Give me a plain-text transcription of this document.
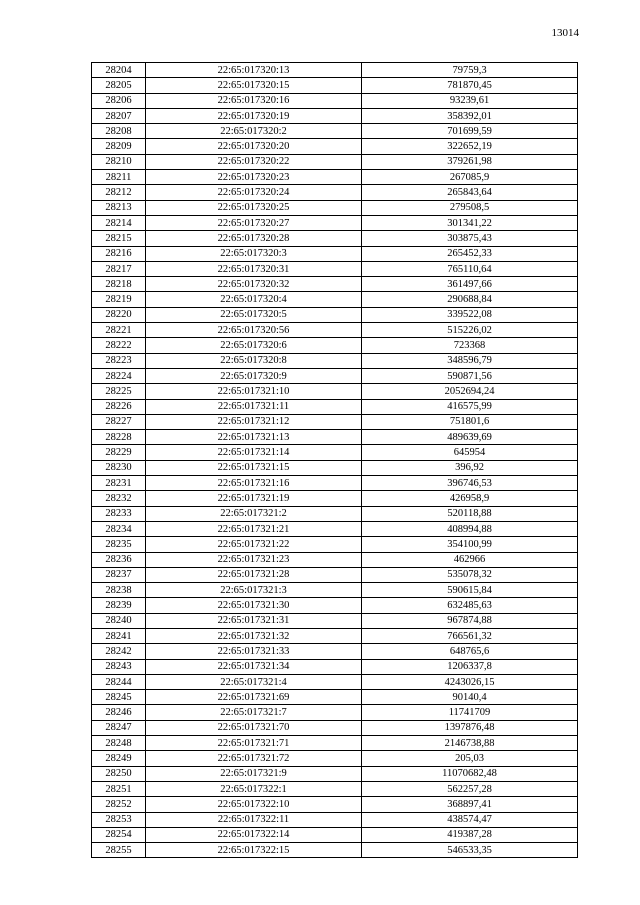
13014
28204	22:65:017320:13	79759,3
28205	22:65:017320:15	781870,45
28206	22:65:017320:16	93239,61
28207	22:65:017320:19	358392,01
28208	22:65:017320:2	701699,59
28209	22:65:017320:20	322652,19
28210	22:65:017320:22	379261,98
28211	22:65:017320:23	267085,9
28212	22:65:017320:24	265843,64
28213	22:65:017320:25	279508,5
28214	22:65:017320:27	301341,22
28215	22:65:017320:28	303875,43
28216	22:65:017320:3	265452,33
28217	22:65:017320:31	765110,64
28218	22:65:017320:32	361497,66
28219	22:65:017320:4	290688,84
28220	22:65:017320:5	339522,08
28221	22:65:017320:56	515226,02
28222	22:65:017320:6	723368
28223	22:65:017320:8	348596,79
28224	22:65:017320:9	590871,56
28225	22:65:017321:10	2052694,24
28226	22:65:017321:11	416575,99
28227	22:65:017321:12	751801,6
28228	22:65:017321:13	489639,69
28229	22:65:017321:14	645954
28230	22:65:017321:15	396,92
28231	22:65:017321:16	396746,53
28232	22:65:017321:19	426958,9
28233	22:65:017321:2	520118,88
28234	22:65:017321:21	408994,88
28235	22:65:017321:22	354100,99
28236	22:65:017321:23	462966
28237	22:65:017321:28	535078,32
28238	22:65:017321:3	590615,84
28239	22:65:017321:30	632485,63
28240	22:65:017321:31	967874,88
28241	22:65:017321:32	766561,32
28242	22:65:017321:33	648765,6
28243	22:65:017321:34	1206337,8
28244	22:65:017321:4	4243026,15
28245	22:65:017321:69	90140,4
28246	22:65:017321:7	11741709
28247	22:65:017321:70	1397876,48
28248	22:65:017321:71	2146738,88
28249	22:65:017321:72	205,03
28250	22:65:017321:9	11070682,48
28251	22:65:017322:1	562257,28
28252	22:65:017322:10	368897,41
28253	22:65:017322:11	438574,47
28254	22:65:017322:14	419387,28
28255	22:65:017322:15	546533,35
